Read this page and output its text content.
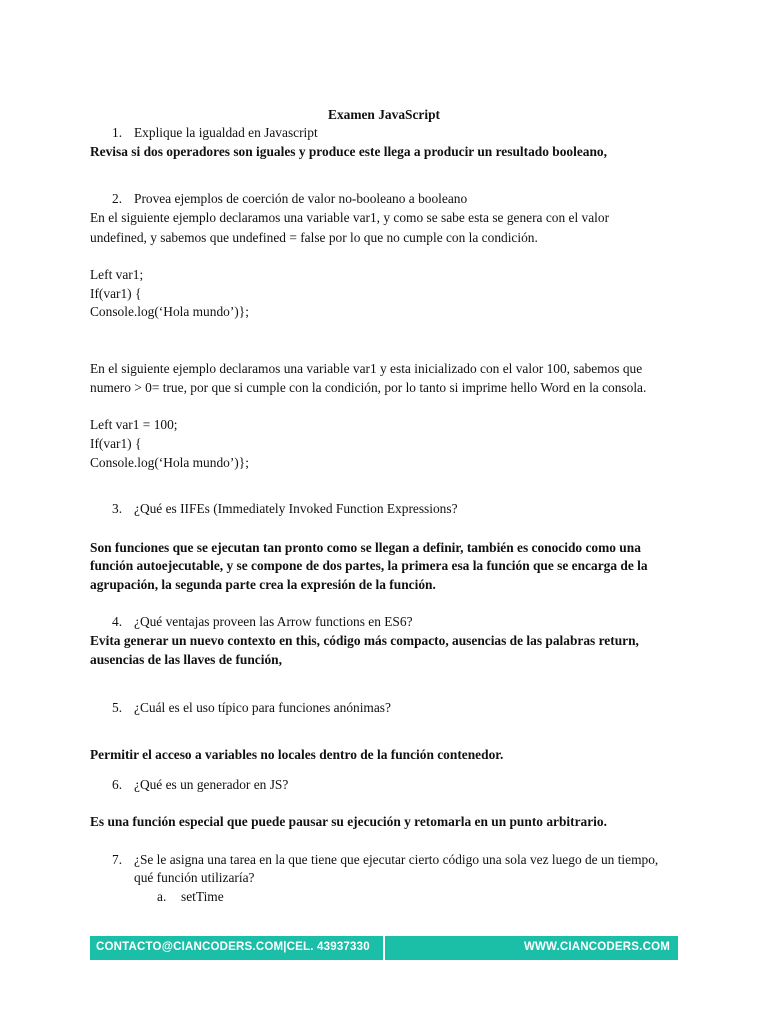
Examen JavaScript
1. Explique la igualdad en Javascript
Revisa si dos operadores son iguales y produce este llega a producir un resultado booleano,
2. Provea ejemplos de coerción de valor no-booleano a booleano
En el siguiente ejemplo declaramos una variable var1, y como se sabe esta se genera con el valor
undefined, y sabemos que undefined = false por lo que no cumple con la condición.
Left var1;
If(var1) {
Console.log(‘Hola mundo’)};
En el siguiente ejemplo declaramos una variable var1 y esta inicializado con el valor 100, sabemos que
numero > 0= true, por que si cumple con la condición, por lo tanto si imprime hello Word en la consola.
Left var1 = 100;
If(var1) {
Console.log(‘Hola mundo’)};
3. ¿Qué es IIFEs (Immediately Invoked Function Expressions?
Son funciones que se ejecutan tan pronto como se llegan a definir, también es conocido como una
función autoejecutable, y se compone de dos partes, la primera esa la función que se encarga de la
agrupación, la segunda parte crea la expresión de la función.
4. ¿Qué ventajas proveen las Arrow functions en ES6?
Evita generar un nuevo contexto en this, código más compacto, ausencias de las palabras return,
ausencias de las llaves de función,
5. ¿Cuál es el uso típico para funciones anónimas?
Permitir el acceso a variables no locales dentro de la función contenedor.
6. ¿Qué es un generador en JS?
Es una función especial que puede pausar su ejecución y retomarla en un punto arbitrario.
7. ¿Se le asigna una tarea en la que tiene que ejecutar cierto código una sola vez luego de un tiempo,
qué función utilizaría?
a. setTime
CONTACTO@CIANCODERS.COM|CEL. 43937330	WWW.CIANCODERS.COM
